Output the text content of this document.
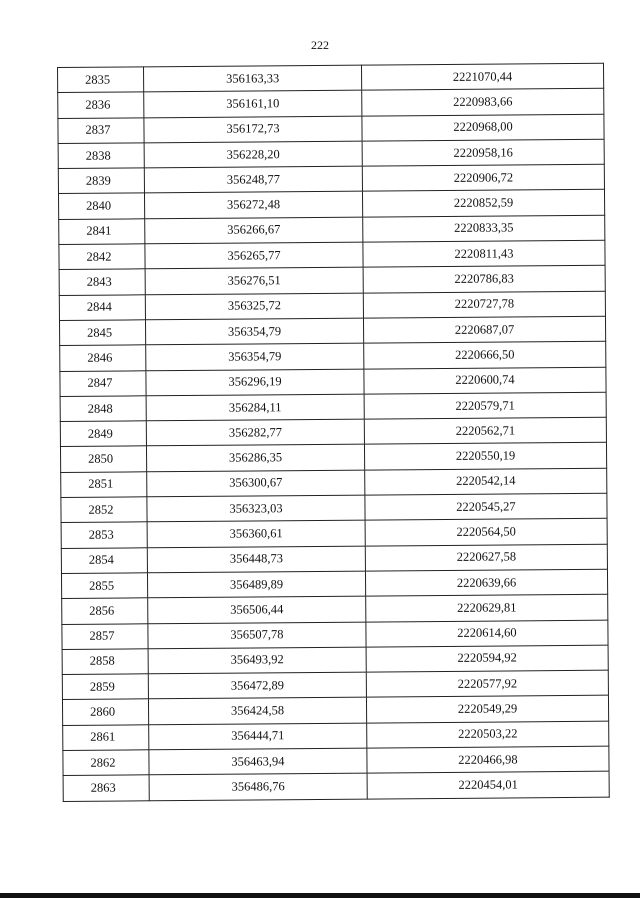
222
2835	356163,33	2221070,44
2836	356161,10	2220983,66
2837	356172,73	2220968,00
2838	356228,20	2220958,16
2839	356248,77	2220906,72
2840	356272,48	2220852,59
2841	356266,67	2220833,35
2842	356265,77	2220811,43
2843	356276,51	2220786,83
2844	356325,72	2220727,78
2845	356354,79	2220687,07
2846	356354,79	2220666,50
2847	356296,19	2220600,74
2848	356284,11	2220579,71
2849	356282,77	2220562,71
2850	356286,35	2220550,19
2851	356300,67	2220542,14
2852	356323,03	2220545,27
2853	356360,61	2220564,50
2854	356448,73	2220627,58
2855	356489,89	2220639,66
2856	356506,44	2220629,81
2857	356507,78	2220614,60
2858	356493,92	2220594,92
2859	356472,89	2220577,92
2860	356424,58	2220549,29
2861	356444,71	2220503,22
2862	356463,94	2220466,98
2863	356486,76	2220454,01
